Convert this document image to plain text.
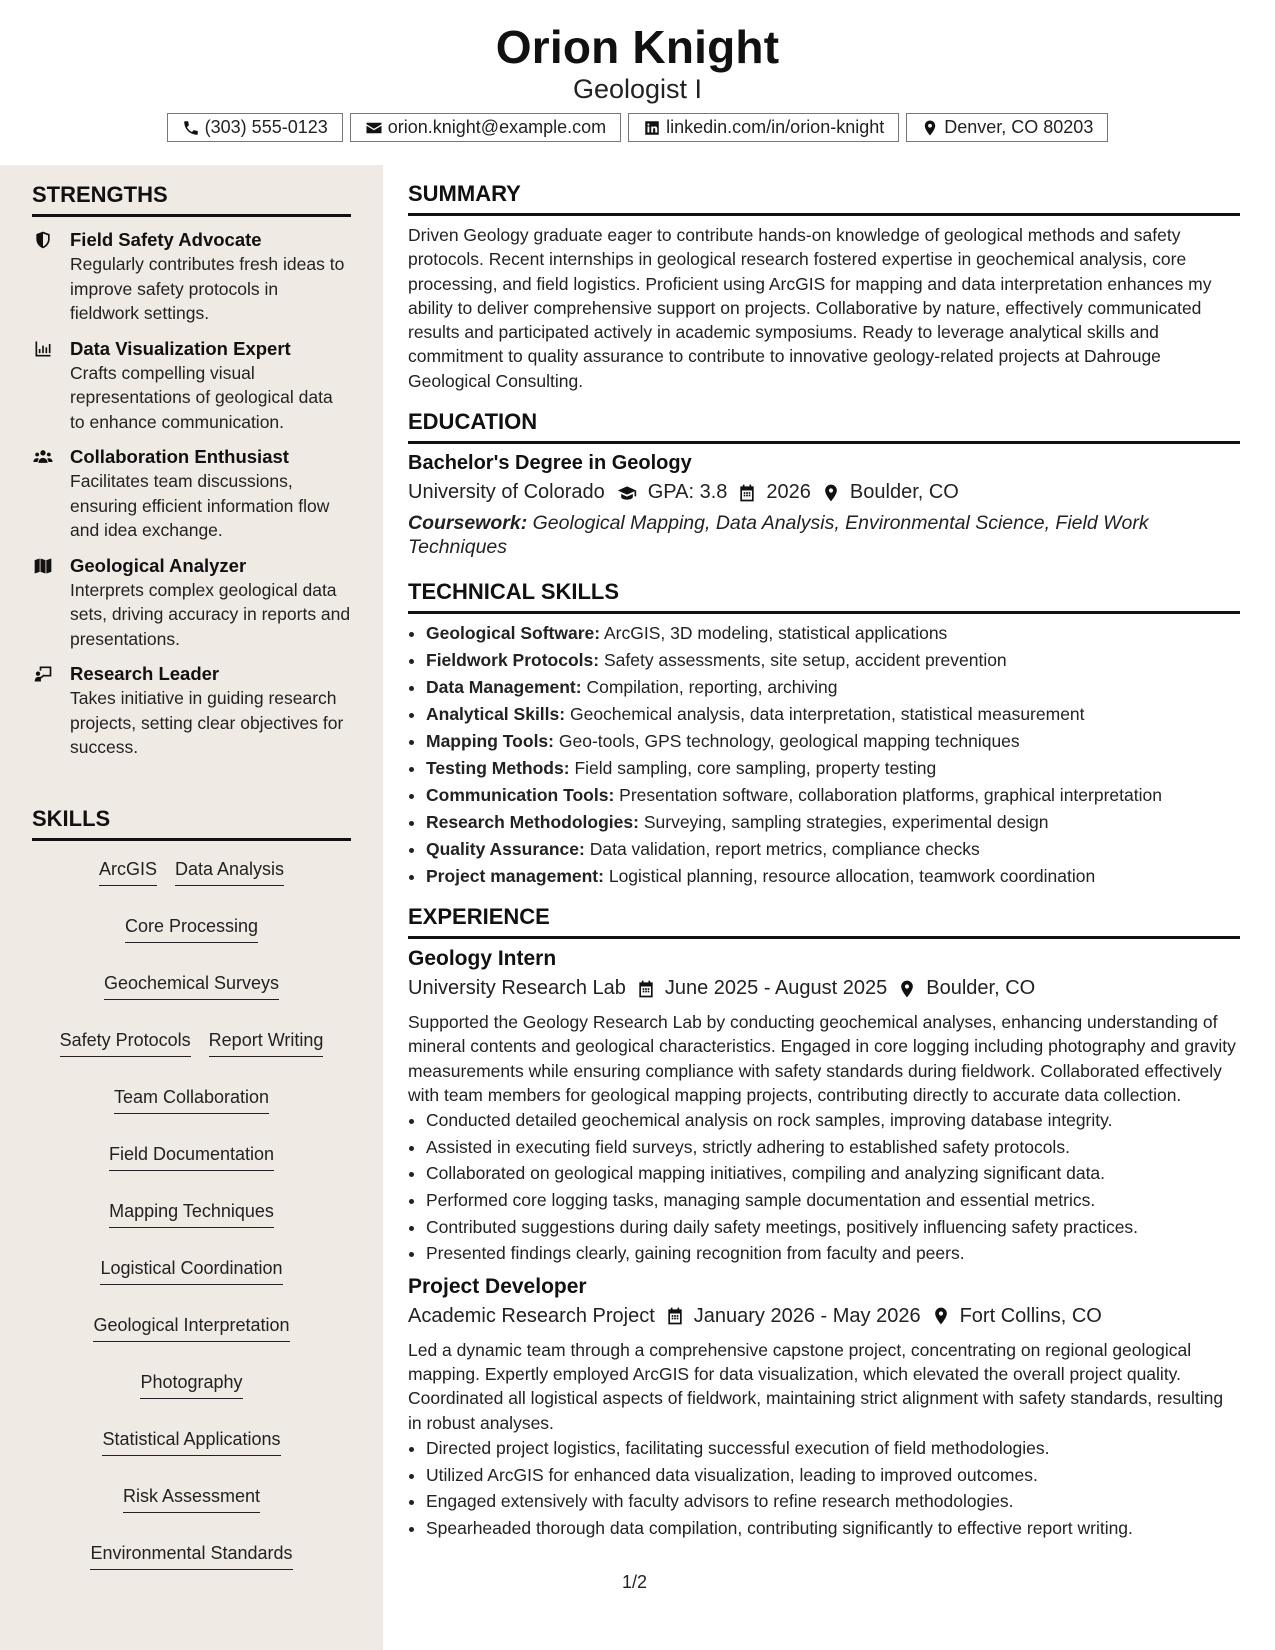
Orion Knight
Geologist I
(303) 555-0123	orion.knight@example.com	linkedin.com/in/orion-knight	Denver, CO 80203
STRENGTHS
Field Safety Advocate
Regularly contributes fresh ideas to improve safety protocols in fieldwork settings.
Data Visualization Expert
Crafts compelling visual representations of geological data to enhance communication.
Collaboration Enthusiast
Facilitates team discussions, ensuring efficient information flow and idea exchange.
Geological Analyzer
Interprets complex geological data sets, driving accuracy in reports and presentations.
Research Leader
Takes initiative in guiding research projects, setting clear objectives for success.
SKILLS
ArcGIS Data Analysis
Core Processing
Geochemical Surveys
Safety Protocols Report Writing
Team Collaboration
Field Documentation
Mapping Techniques
Logistical Coordination
Geological Interpretation
Photography
Statistical Applications
Risk Assessment
Environmental Standards
SUMMARY
Driven Geology graduate eager to contribute hands-on knowledge of geological methods and safety protocols. Recent internships in geological research fostered expertise in geochemical analysis, core processing, and field logistics. Proficient using ArcGIS for mapping and data interpretation enhances my ability to deliver comprehensive support on projects. Collaborative by nature, effectively communicated results and participated actively in academic symposiums. Ready to leverage analytical skills and commitment to quality assurance to contribute to innovative geology-related projects at Dahrouge Geological Consulting.
EDUCATION
Bachelor's Degree in Geology
University of Colorado GPA: 3.8 2026 Boulder, CO
Coursework: Geological Mapping, Data Analysis, Environmental Science, Field Work Techniques
TECHNICAL SKILLS
• Geological Software: ArcGIS, 3D modeling, statistical applications
• Fieldwork Protocols: Safety assessments, site setup, accident prevention
• Data Management: Compilation, reporting, archiving
• Analytical Skills: Geochemical analysis, data interpretation, statistical measurement
• Mapping Tools: Geo-tools, GPS technology, geological mapping techniques
• Testing Methods: Field sampling, core sampling, property testing
• Communication Tools: Presentation software, collaboration platforms, graphical interpretation
• Research Methodologies: Surveying, sampling strategies, experimental design
• Quality Assurance: Data validation, report metrics, compliance checks
• Project management: Logistical planning, resource allocation, teamwork coordination
EXPERIENCE
Geology Intern
University Research Lab June 2025 - August 2025 Boulder, CO
Supported the Geology Research Lab by conducting geochemical analyses, enhancing understanding of mineral contents and geological characteristics. Engaged in core logging including photography and gravity measurements while ensuring compliance with safety standards during fieldwork. Collaborated effectively with team members for geological mapping projects, contributing directly to accurate data collection.
• Conducted detailed geochemical analysis on rock samples, improving database integrity.
• Assisted in executing field surveys, strictly adhering to established safety protocols.
• Collaborated on geological mapping initiatives, compiling and analyzing significant data.
• Performed core logging tasks, managing sample documentation and essential metrics.
• Contributed suggestions during daily safety meetings, positively influencing safety practices.
• Presented findings clearly, gaining recognition from faculty and peers.
Project Developer
Academic Research Project January 2026 - May 2026 Fort Collins, CO
Led a dynamic team through a comprehensive capstone project, concentrating on regional geological mapping. Expertly employed ArcGIS for data visualization, which elevated the overall project quality. Coordinated all logistical aspects of fieldwork, maintaining strict alignment with safety standards, resulting in robust analyses.
• Directed project logistics, facilitating successful execution of field methodologies.
• Utilized ArcGIS for enhanced data visualization, leading to improved outcomes.
• Engaged extensively with faculty advisors to refine research methodologies.
• Spearheaded thorough data compilation, contributing significantly to effective report writing.
1/2
